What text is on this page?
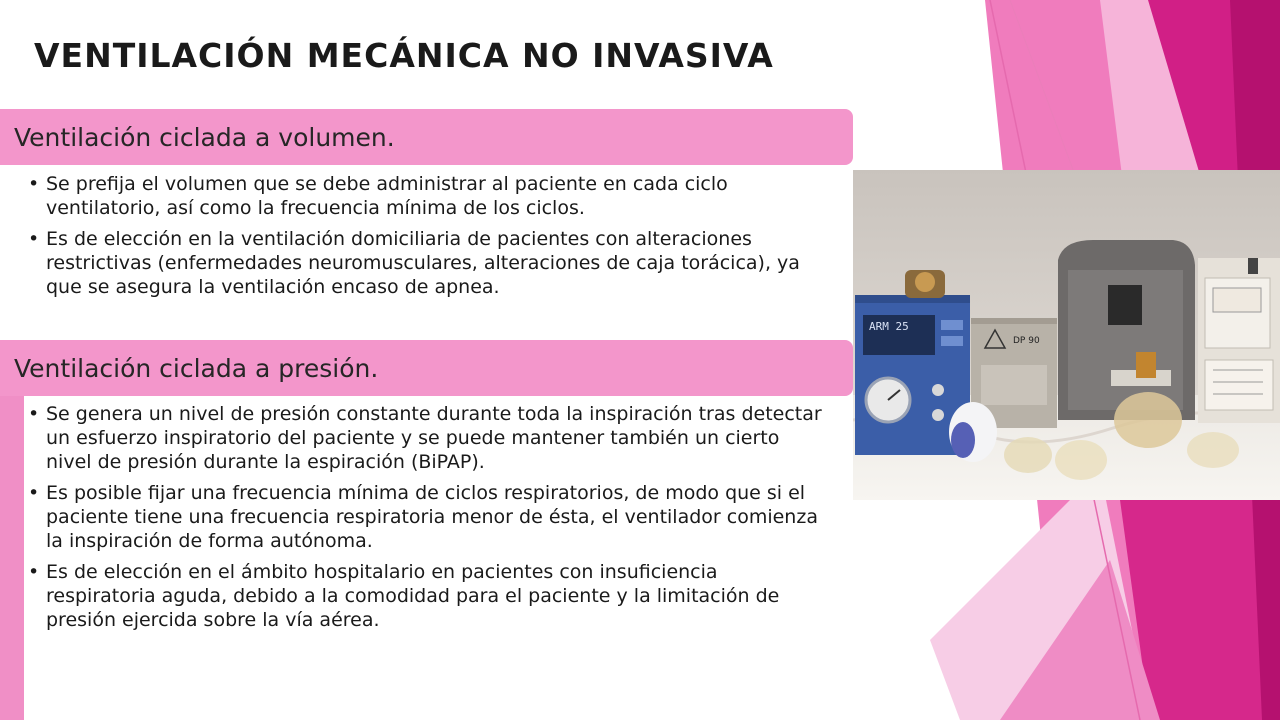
VENTILACIÓN MECÁNICA NO INVASIVA
Ventilación ciclada a volumen.
• Se prefija el volumen que se debe administrar al paciente en cada ciclo ventilatorio, así como la frecuencia mínima de los ciclos.
• Es de elección en la ventilación domiciliaria de pacientes con alteraciones restrictivas (enfermedades neuromusculares, alteraciones de caja torácica), ya que se asegura la ventilación encaso de apnea.
Ventilación ciclada a presión.
• Se genera un nivel de presión constante durante toda la inspiración tras detectar un esfuerzo inspiratorio del paciente y se puede mantener también un cierto nivel de presión durante la espiración (BiPAP).
• Es posible fijar una frecuencia mínima de ciclos respiratorios, de modo que si el paciente tiene una frecuencia respiratoria menor de ésta, el ventilador comienza la inspiración de forma autónoma.
• Es de elección en el ámbito hospitalario en pacientes con insuficiencia respiratoria aguda, debido a la comodidad para el paciente y la limitación de presión ejercida sobre la vía aérea.
ARM 25
DP 90
